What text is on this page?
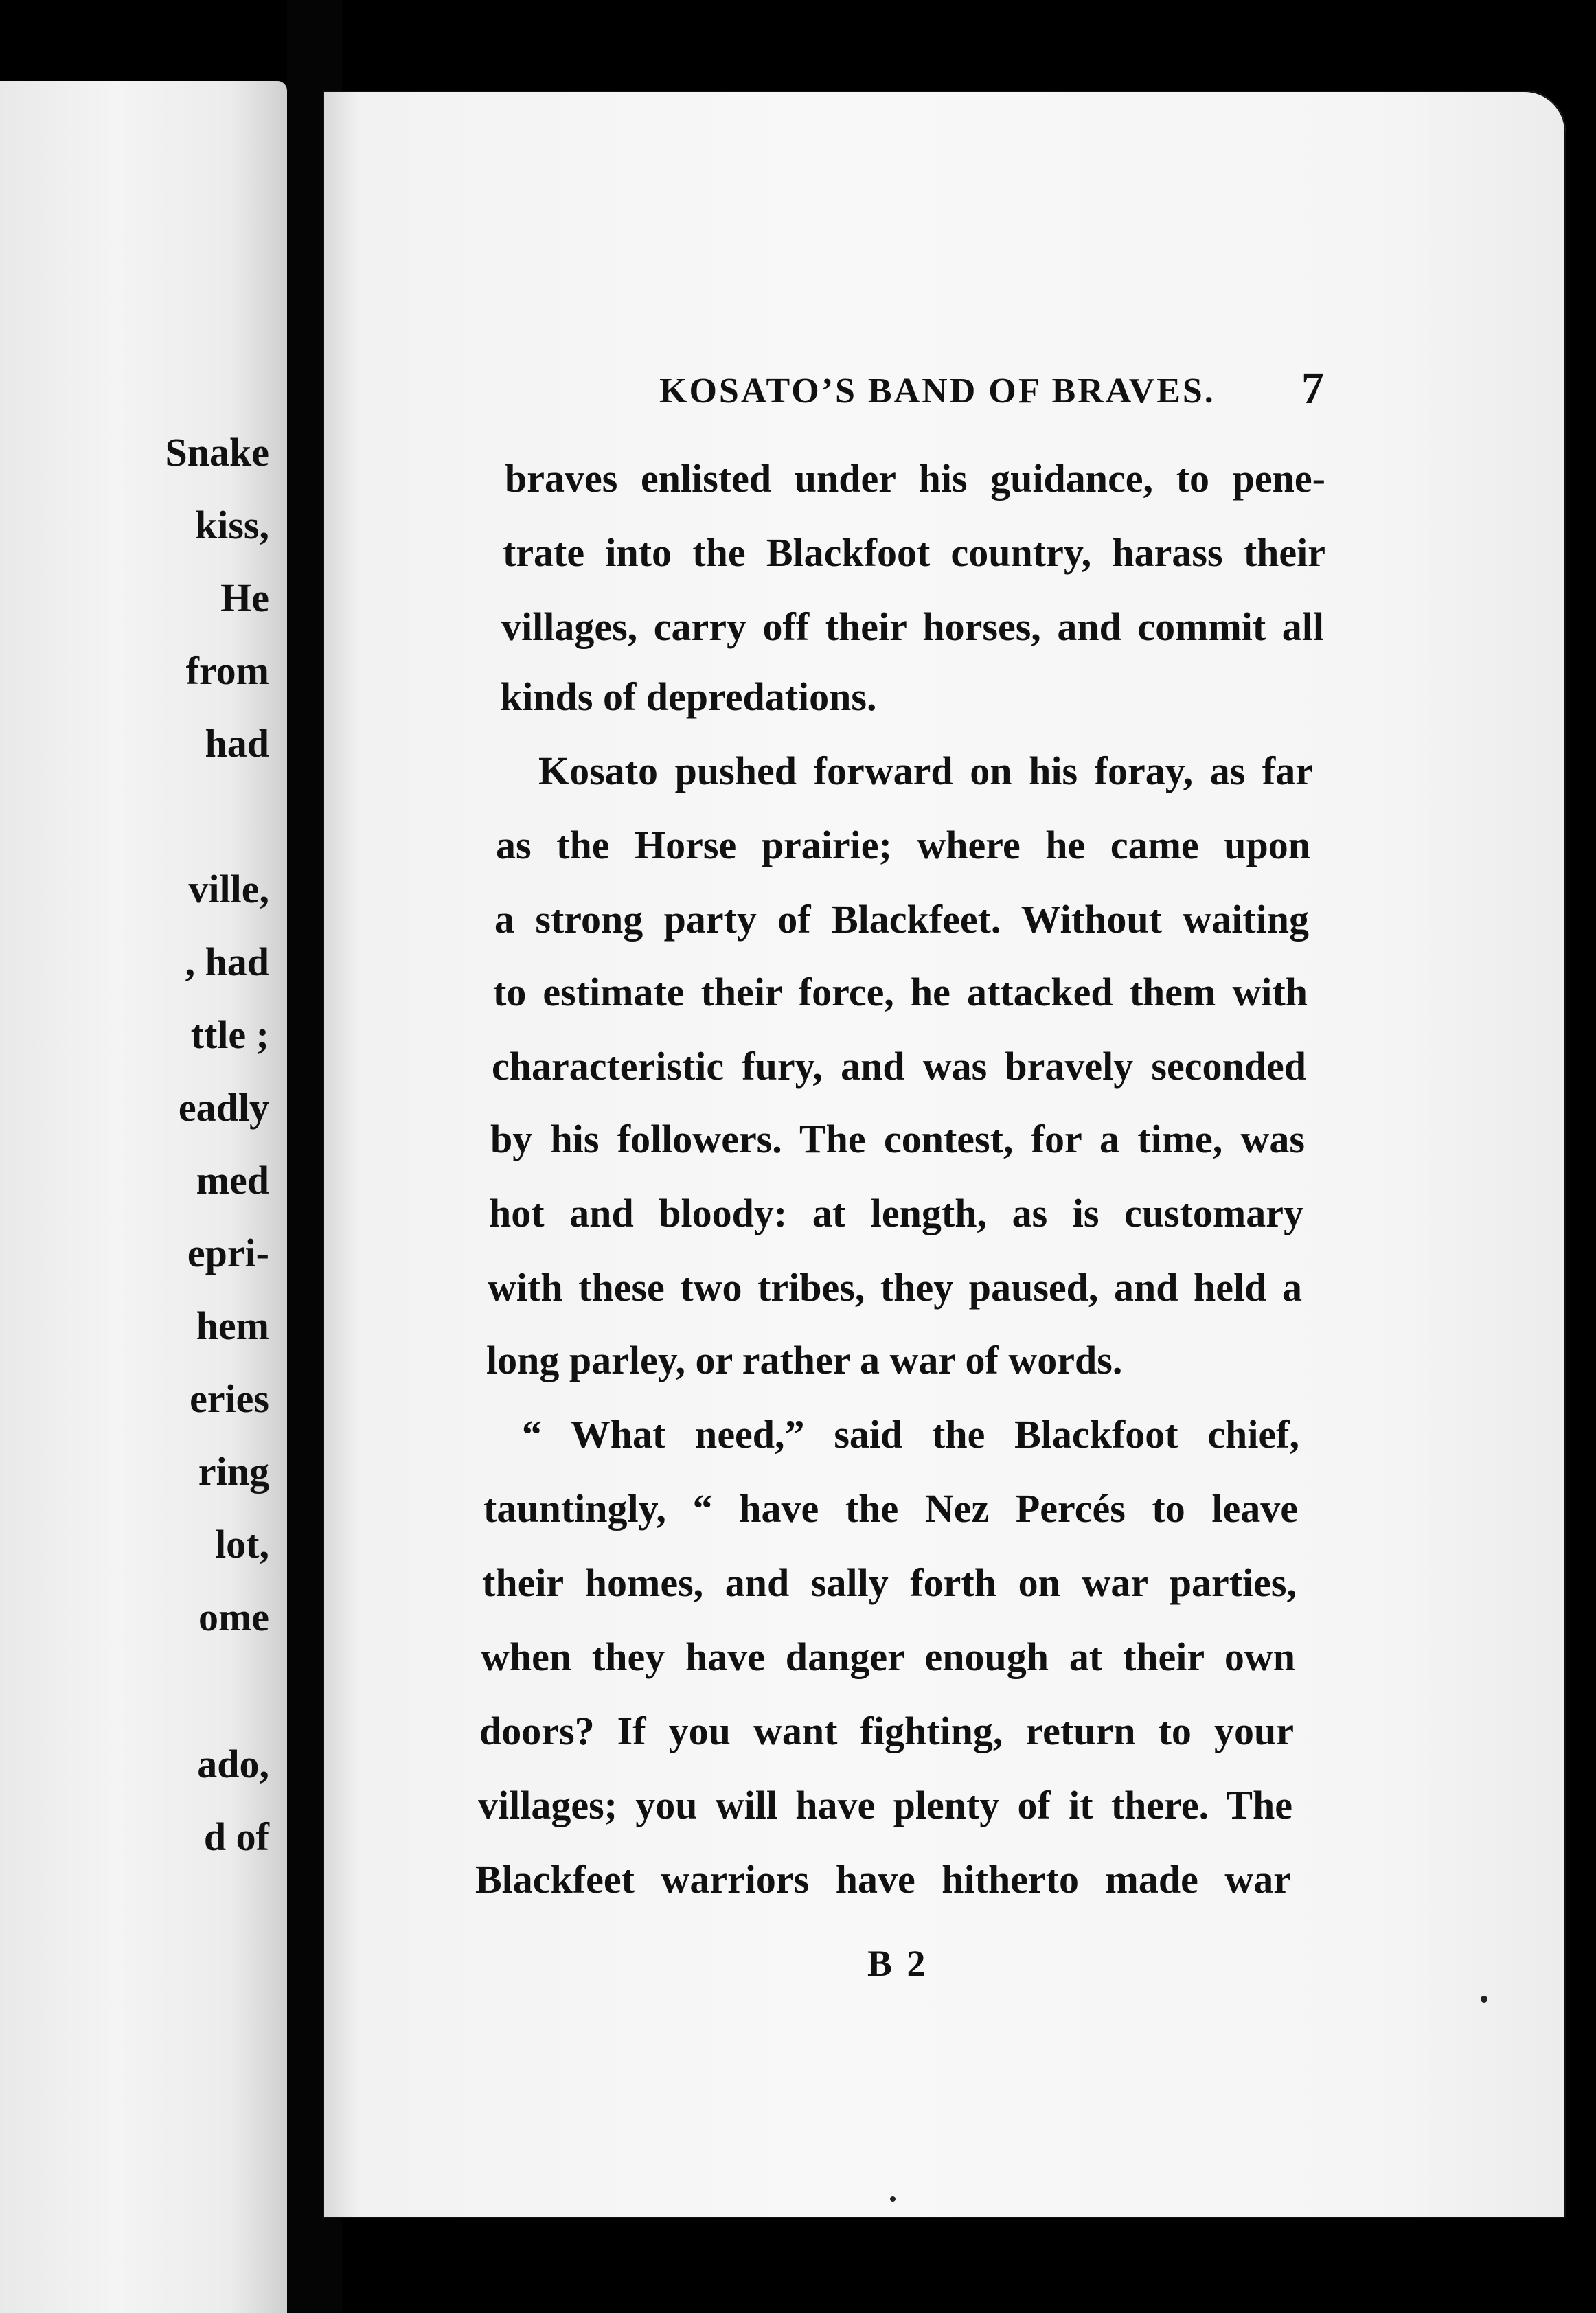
Snake
kiss,
He
from
had
ville,
, had
ttle ;
eadly
med
epri-
hem
eries
ring
lot,
ome
ado,
d of
KOSATO’S BAND OF BRAVES. 7
braves enlisted under his guidance, to pene-
trate into the Blackfoot country, harass their
villages, carry off their horses, and commit all
kinds of depredations.
Kosato pushed forward on his foray, as far
as the Horse prairie; where he came upon
a strong party of Blackfeet. Without waiting
to estimate their force, he attacked them with
characteristic fury, and was bravely seconded
by his followers. The contest, for a time, was
hot and bloody: at length, as is customary
with these two tribes, they paused, and held a
long parley, or rather a war of words.
“ What need,” said the Blackfoot chief,
tauntingly, “ have the Nez Percés to leave
their homes, and sally forth on war parties,
when they have danger enough at their own
doors? If you want fighting, return to your
villages; you will have plenty of it there. The
Blackfeet warriors have hitherto made war
B 2
